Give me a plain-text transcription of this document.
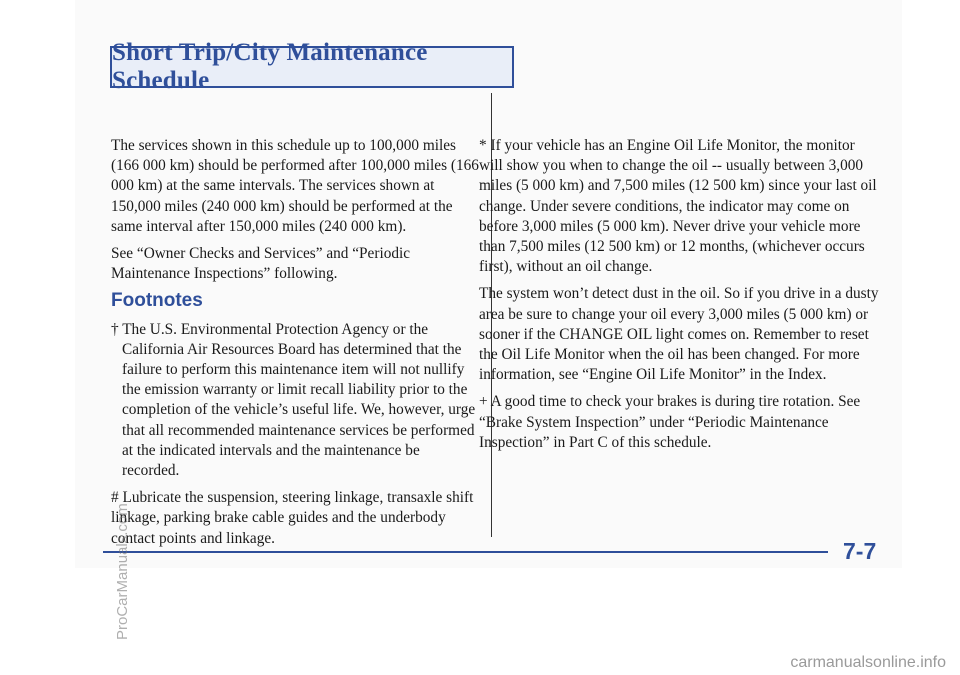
Short Trip/City Maintenance Schedule

The services shown in this schedule up to 100,000 miles (166 000 km) should be performed after 100,000 miles (166 000 km) at the same intervals. The services shown at 150,000 miles (240 000 km) should be performed at the same interval after 150,000 miles (240 000 km).

See “Owner Checks and Services” and “Periodic Maintenance Inspections” following.

Footnotes

† The U.S. Environmental Protection Agency or the California Air Resources Board has determined that the failure to perform this maintenance item will not nullify the emission warranty or limit recall liability prior to the completion of the vehicle’s useful life. We, however, urge that all recommended maintenance services be performed at the indicated intervals and the maintenance be recorded.

# Lubricate the suspension, steering linkage, transaxle shift linkage, parking brake cable guides and the underbody contact points and linkage.

* If your vehicle has an Engine Oil Life Monitor, the monitor will show you when to change the oil -- usually between 3,000 miles (5 000 km) and 7,500 miles (12 500 km) since your last oil change. Under severe conditions, the indicator may come on before 3,000 miles (5 000 km). Never drive your vehicle more than 7,500 miles (12 500 km) or 12 months, (whichever occurs first), without an oil change.

The system won’t detect dust in the oil. So if you drive in a dusty area be sure to change your oil every 3,000 miles (5 000 km) or sooner if the CHANGE OIL light comes on. Remember to reset the Oil Life Monitor when the oil has been changed. For more information, see “Engine Oil Life Monitor” in the Index.

+ A good time to check your brakes is during tire rotation. See “Brake System Inspection” under “Periodic Maintenance Inspection” in Part C of this schedule.

7-7
ProCarManuals.com
carmanualsonline.info
